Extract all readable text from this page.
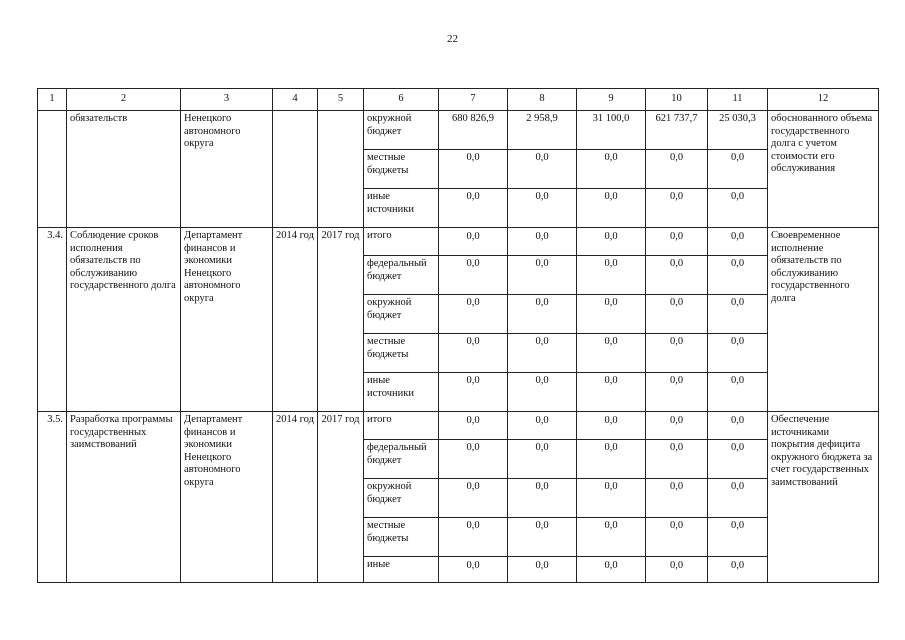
22
1	2	3	4	5	6	7	8	9	10	11	12
	обязательств	Ненецкого автономного округа			окружной бюджет	680 826,9	2 958,9	31 100,0	621 737,7	25 030,3	обоснованного объема государственного долга с учетом стоимости его обслуживания
					местные бюджеты	0,0	0,0	0,0	0,0	0,0	
					иные источники	0,0	0,0	0,0	0,0	0,0	
3.4.	Соблюдение сроков исполнения обязательств по обслуживанию государственного долга	Департамент финансов и экономики Ненецкого автономного округа	2014 год	2017 год	итого	0,0	0,0	0,0	0,0	0,0	Своевременное исполнение обязательств по обслуживанию государственного долга
					федеральный бюджет	0,0	0,0	0,0	0,0	0,0	
					окружной бюджет	0,0	0,0	0,0	0,0	0,0	
					местные бюджеты	0,0	0,0	0,0	0,0	0,0	
					иные источники	0,0	0,0	0,0	0,0	0,0	
3.5.	Разработка программы государственных заимствований	Департамент финансов и экономики Ненецкого автономного округа	2014 год	2017 год	итого	0,0	0,0	0,0	0,0	0,0	Обеспечение источниками покрытия дефицита окружного бюджета за счет государственных заимствований
					федеральный бюджет	0,0	0,0	0,0	0,0	0,0	
					окружной бюджет	0,0	0,0	0,0	0,0	0,0	
					местные бюджеты	0,0	0,0	0,0	0,0	0,0	
					иные	0,0	0,0	0,0	0,0	0,0	
